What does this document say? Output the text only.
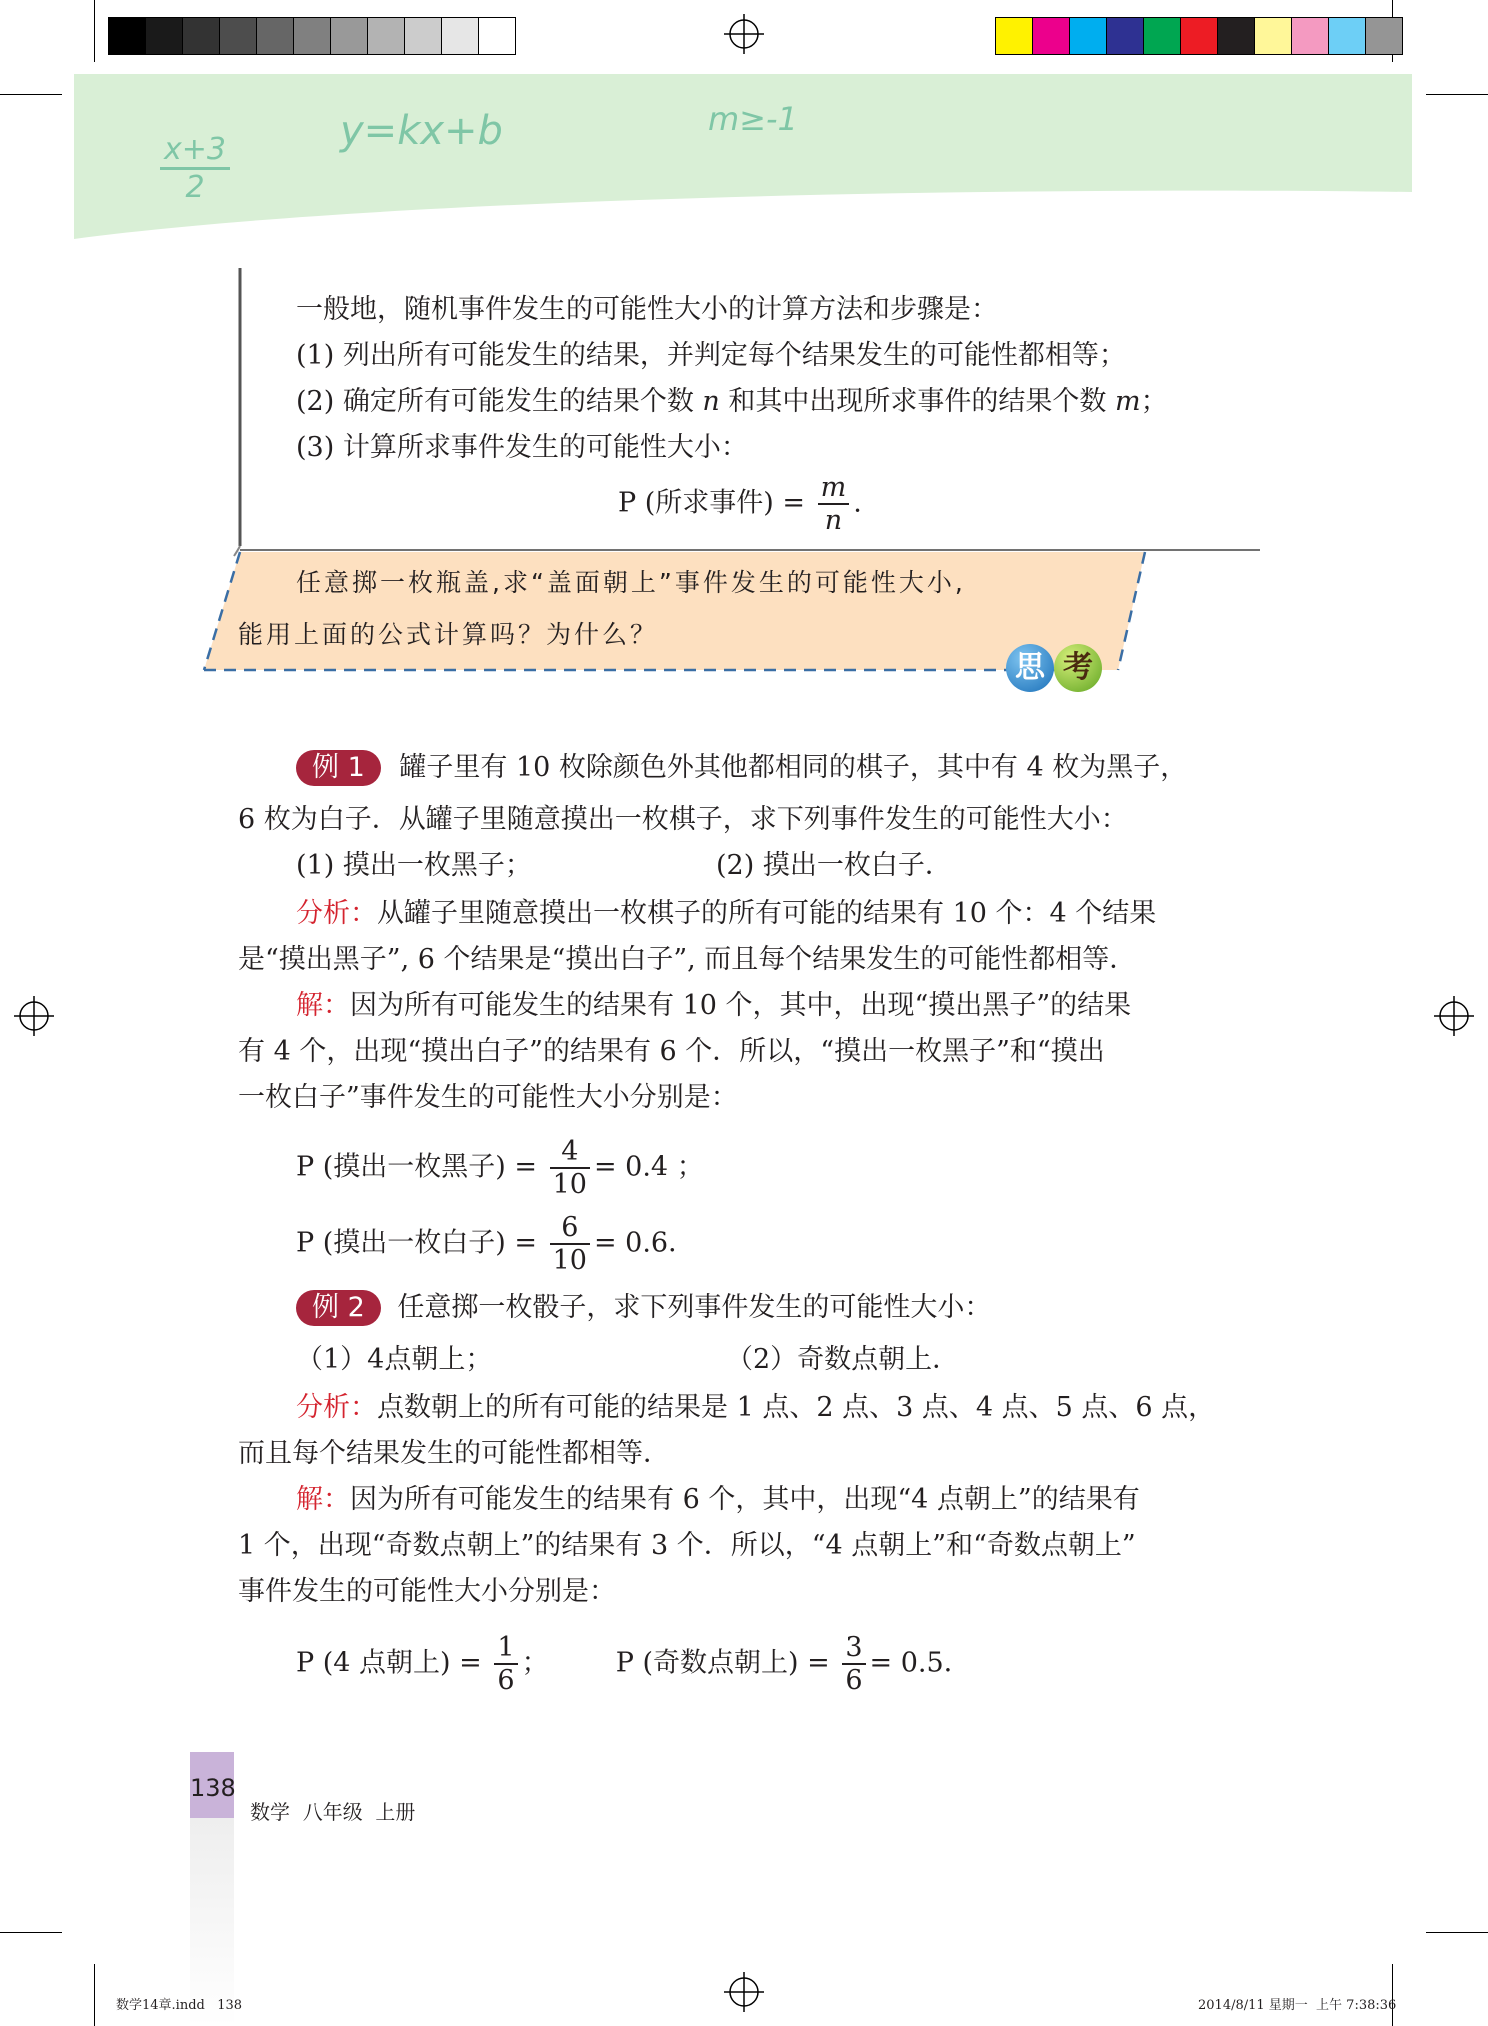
$\frac{x+3}{2}$
y=kx+b	m≥-1
一般地，随机事件发生的可能性大小的计算方法和步骤是：
(1) 列出所有可能发生的结果，并判定每个结果发生的可能性都相等；
(2) 确定所有可能发生的结果个数 n 和其中出现所求事件的结果个数 m；
(3) 计算所求事件发生的可能性大小：
P (所求事件) = $\frac{m}{n}$ .
任意掷一枚瓶盖,求“盖面朝上”事件发生的可能性大小,
能用上面的公式计算吗？为什么？
思 考
例 1 罐子里有 10 枚除颜色外其他都相同的棋子，其中有 4 枚为黑子，
6 枚为白子．从罐子里随意摸出一枚棋子，求下列事件发生的可能性大小：
(1) 摸出一枚黑子；	(2) 摸出一枚白子．
分析：从罐子里随意摸出一枚棋子的所有可能的结果有 10 个：4 个结果
是“摸出黑子”, 6 个结果是“摸出白子”, 而且每个结果发生的可能性都相等．
解：因为所有可能发生的结果有 10 个，其中，出现“摸出黑子”的结果
有 4 个，出现“摸出白子”的结果有 6 个．所以，“摸出一枚黑子”和“摸出
一枚白子”事件发生的可能性大小分别是：
P (摸出一枚黑子) = $\frac{4}{10} = 0.4$ ；
P (摸出一枚白子) = $\frac{6}{10} = 0.6$．
例 2 任意掷一枚骰子，求下列事件发生的可能性大小：
（1）4点朝上；	（2）奇数点朝上．
分析：点数朝上的所有可能的结果是 1 点、2 点、3 点、4 点、5 点、6 点，
而且每个结果发生的可能性都相等．
解：因为所有可能发生的结果有 6 个，其中，出现“4 点朝上”的结果有
1 个，出现“奇数点朝上”的结果有 3 个．所以，“4 点朝上”和“奇数点朝上”
事件发生的可能性大小分别是：
P (4 点朝上) = $\frac{1}{6}$ ； P (奇数点朝上) = $\frac{3}{6} = 0.5$．
138
数学  八年级  上册
数学14章.indd   138	2014/8/11 星期一  上午 7:38:36
